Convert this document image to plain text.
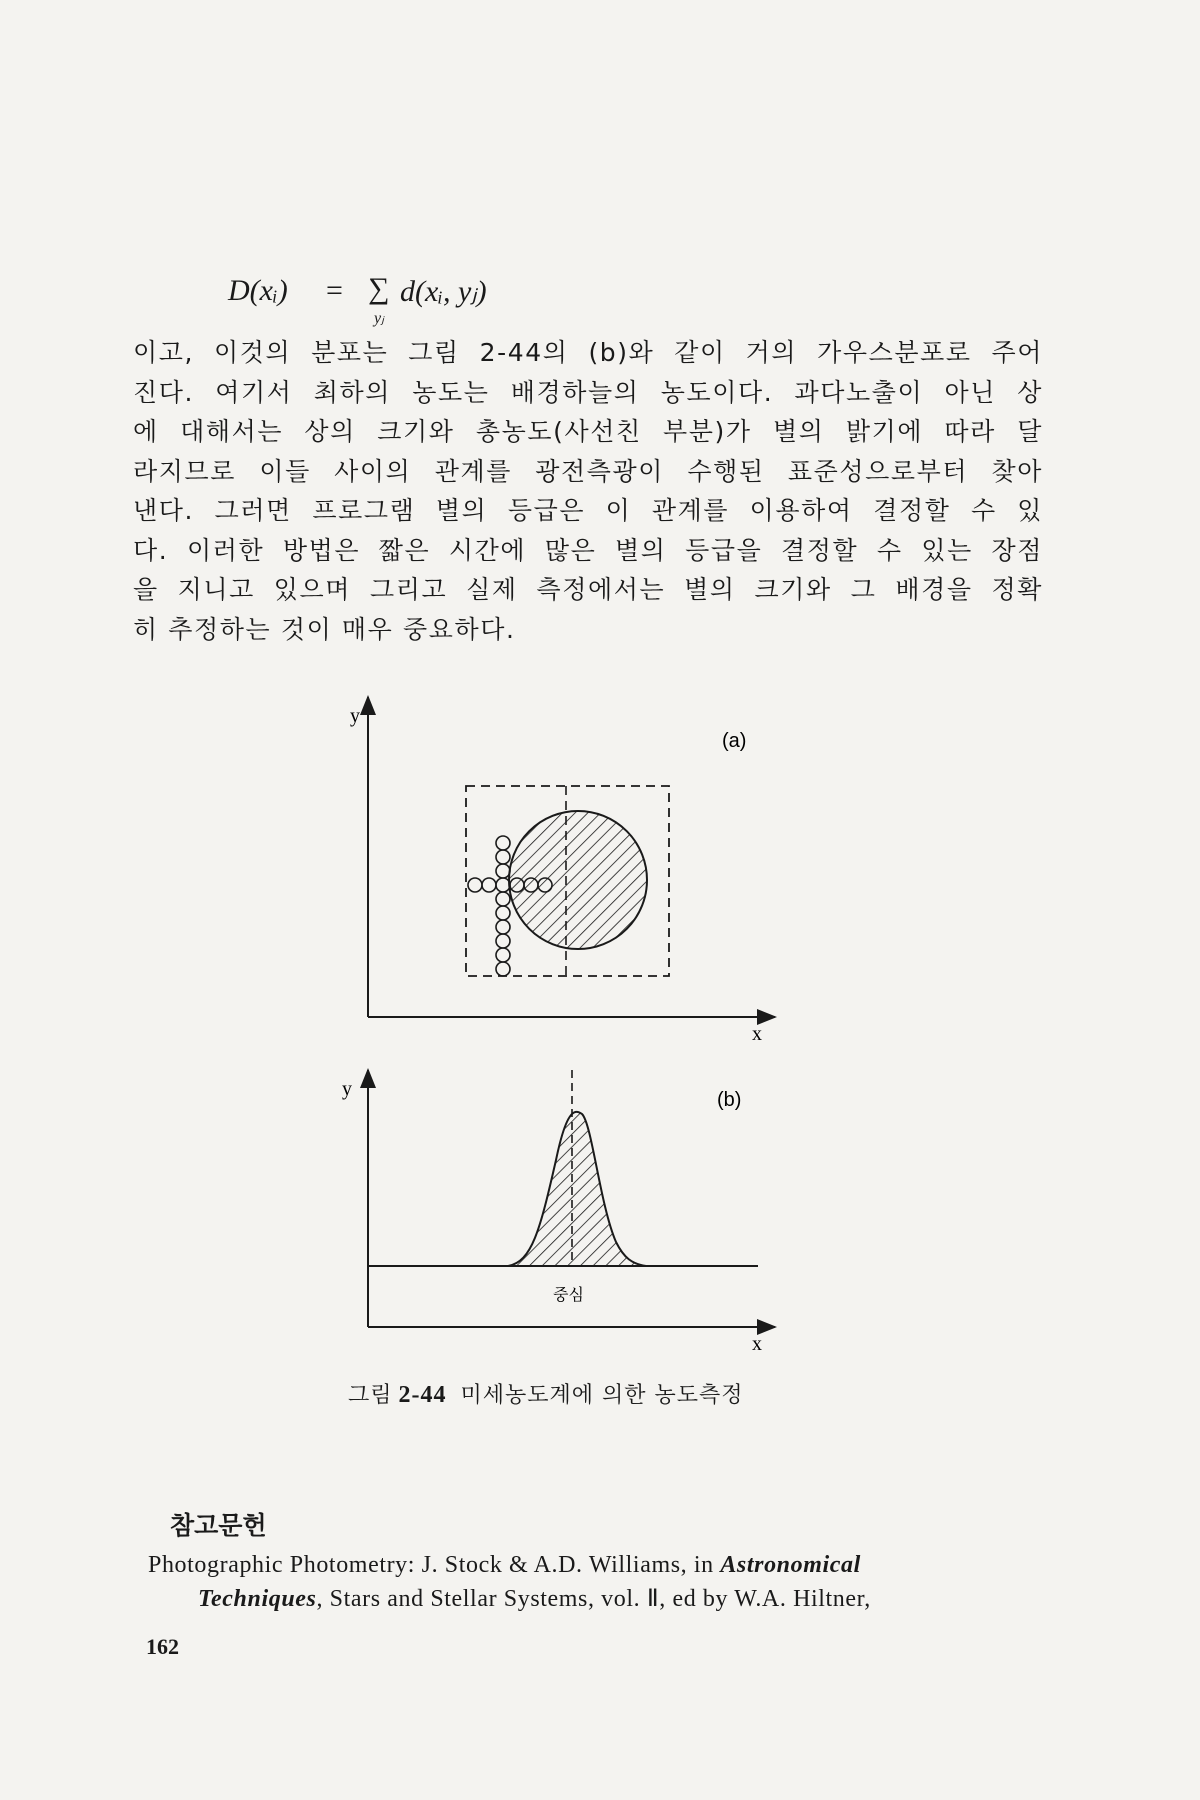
D(xᵢ) = ∑
yⱼ
d(xᵢ, yⱼ)

이고, 이것의 분포는 그림 2-44의 (b)와 같이 거의 가우스분포로 주어

진다. 여기서 최하의 농도는 배경하늘의 농도이다. 과다노출이 아닌 상

에 대해서는 상의 크기와 총농도(사선친 부분)가 별의 밝기에 따라 달

라지므로 이들 사이의 관계를 광전측광이 수행된 표준성으로부터 찾아

낸다. 그러면 프로그램 별의 등급은 이 관계를 이용하여 결정할 수 있

다. 이러한 방법은 짧은 시간에 많은 별의 등급을 결정할 수 있는 장점

을 지니고 있으며 그리고 실제 측정에서는 별의 크기와 그 배경을 정확

히 추정하는 것이 매우 중요하다.

y
x
(a)
y
x
(b)
중심
그림 2-44 미세농도계에 의한 농도측정
참고문헌
Photographic Photometry: J. Stock & A.D. Williams, in Astronomical
Techniques, Stars and Stellar Systems, vol. Ⅱ, ed by W.A. Hiltner,
162
